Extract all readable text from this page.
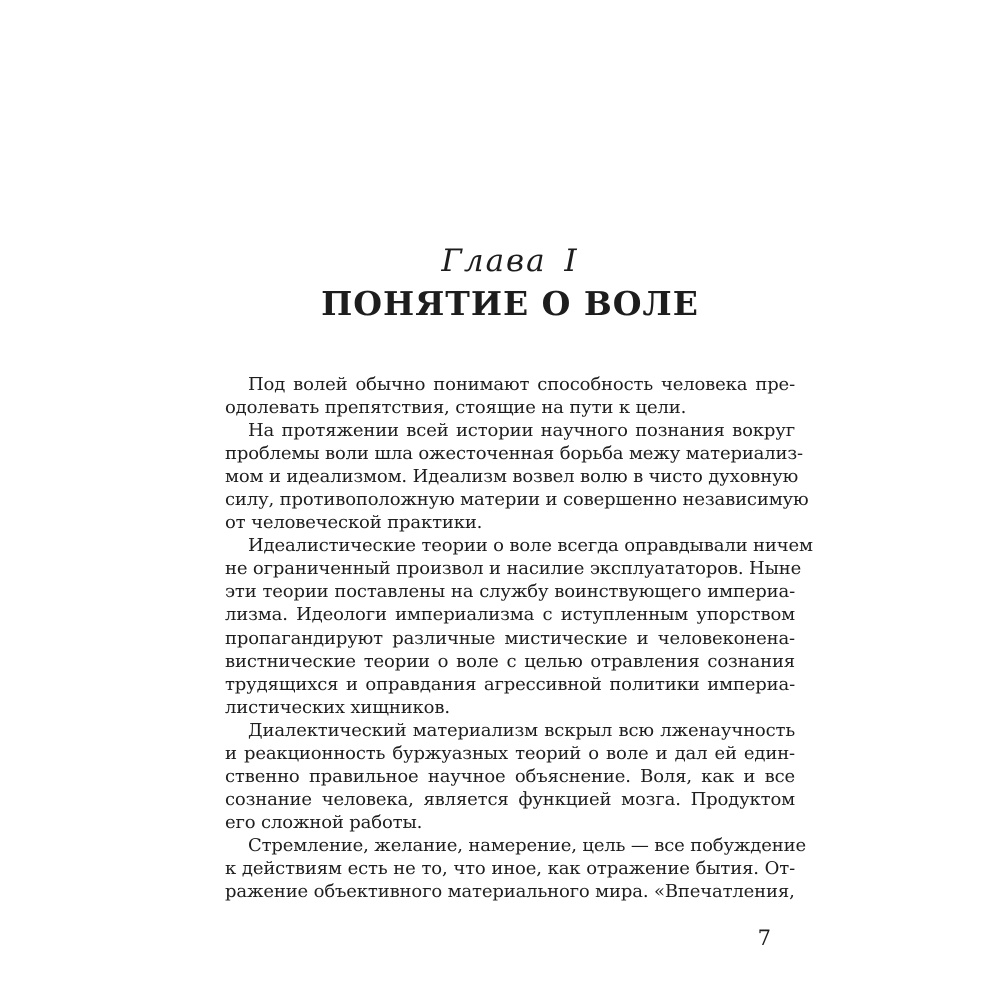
Глава I
ПОНЯТИЕ О ВОЛЕ
Под волей обычно понимают способность человека пре-
одолевать препятствия, стоящие на пути к цели.
На протяжении всей истории научного познания вокруг
проблемы воли шла ожесточенная борьба межу материализ-
мом и идеализмом. Идеализм возвел волю в чисто духовную
силу, противоположную материи и совершенно независимую
от человеческой практики.
Идеалистические теории о воле всегда оправдывали ничем
не ограниченный произвол и насилие эксплуататоров. Ныне
эти теории поставлены на службу воинствующего империа-
лизма. Идеологи империализма с иступленным упорством
пропагандируют различные мистические и человеконена-
вистнические теории о воле с целью отравления сознания
трудящихся и оправдания агрессивной политики империа-
листических хищников.
Диалектический материализм вскрыл всю лженаучность
и реакционность буржуазных теорий о воле и дал ей един-
ственно правильное научное объяснение. Воля, как и все
сознание человека, является функцией мозга. Продуктом
его сложной работы.
Стремление, желание, намерение, цель — все побуждение
к действиям есть не то, что иное, как отражение бытия. От-
ражение объективного материального мира. «Впечатления,
7
